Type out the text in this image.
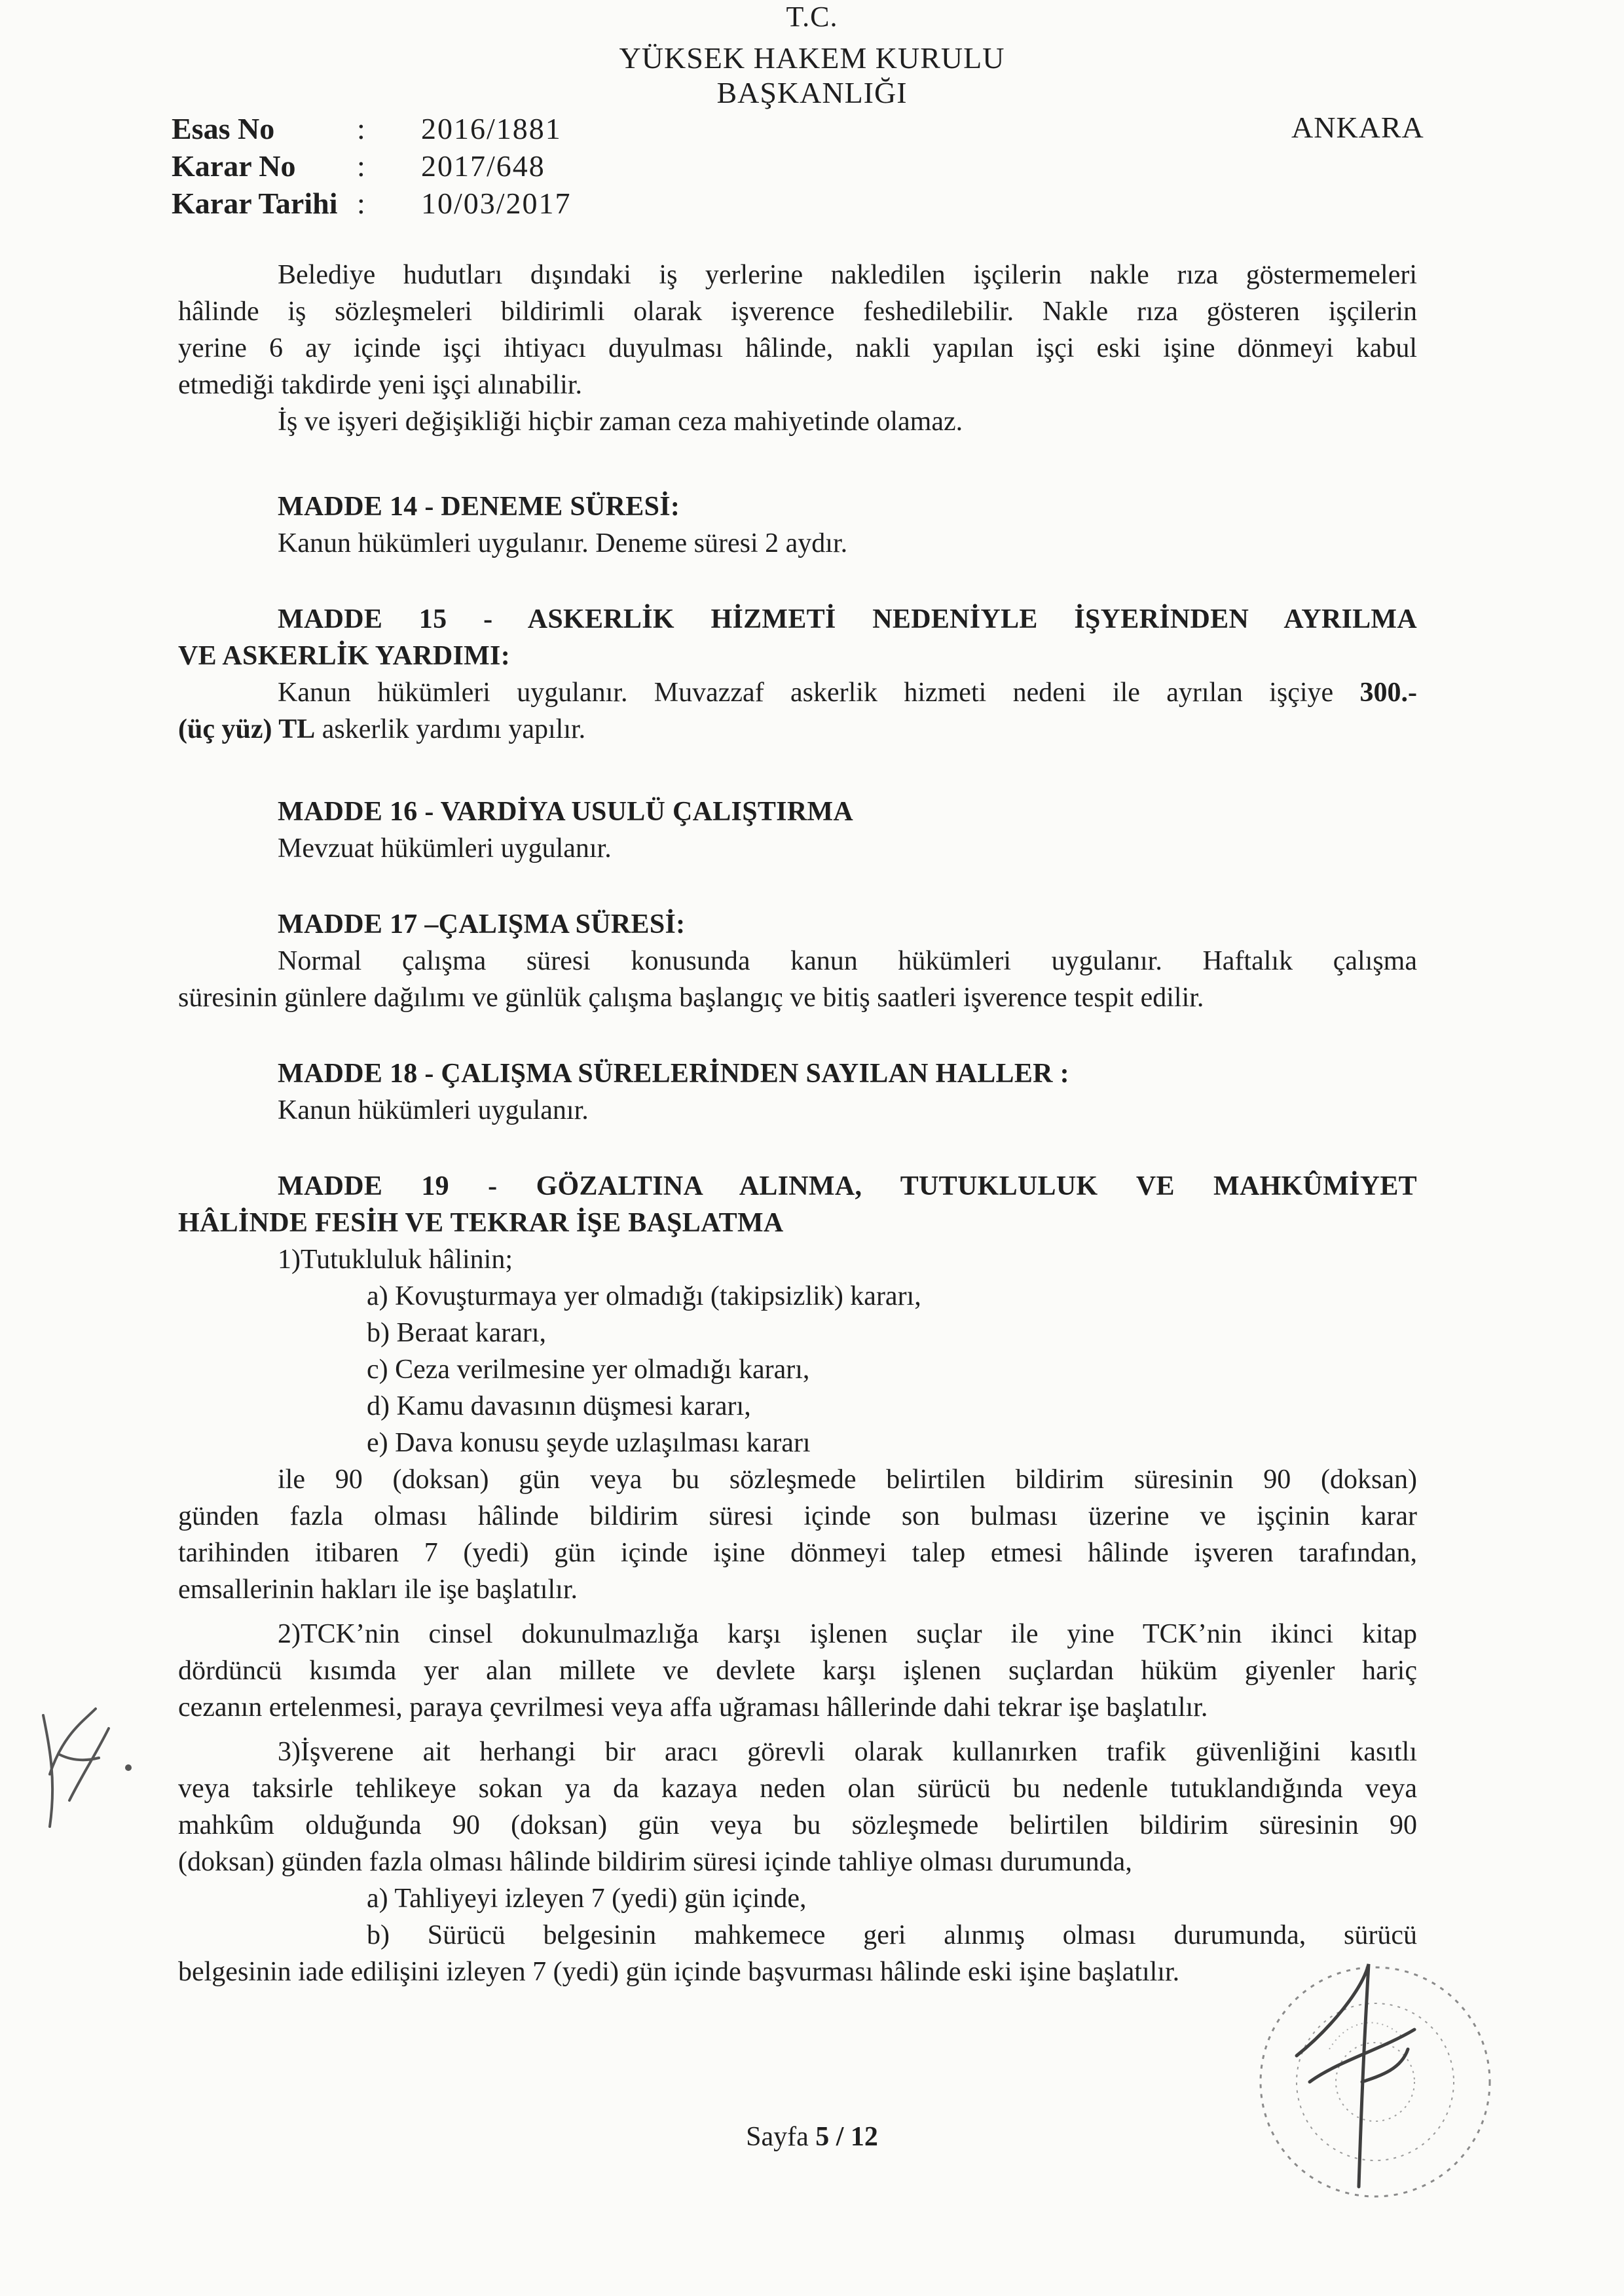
T.C.
YÜKSEK HAKEM KURULU
BAŞKANLIĞI
ANKARA
Esas No	:	2016/1881
Karar No	:	2017/648
Karar Tarihi :	10/03/2017
Belediye hudutları dışındaki iş yerlerine nakledilen işçilerin nakle rıza göstermemeleri
hâlinde iş sözleşmeleri bildirimli olarak işverence feshedilebilir. Nakle rıza gösteren işçilerin
yerine 6 ay içinde işçi ihtiyacı duyulması hâlinde, nakli yapılan işçi eski işine dönmeyi kabul
etmediği takdirde yeni işçi alınabilir.
İş ve işyeri değişikliği hiçbir zaman ceza mahiyetinde olamaz.
MADDE 14 - DENEME SÜRESİ:
Kanun hükümleri uygulanır. Deneme süresi 2 aydır.
MADDE 15 - ASKERLİK HİZMETİ NEDENİYLE İŞYERİNDEN AYRILMA
VE ASKERLİK YARDIMI:
Kanun hükümleri uygulanır. Muvazzaf askerlik hizmeti nedeni ile ayrılan işçiye 300.-
(üç yüz) TL askerlik yardımı yapılır.
MADDE 16 - VARDİYA USULÜ ÇALIŞTIRMA
Mevzuat hükümleri uygulanır.
MADDE 17 –ÇALIŞMA SÜRESİ:
Normal çalışma süresi konusunda kanun hükümleri uygulanır. Haftalık çalışma
süresinin günlere dağılımı ve günlük çalışma başlangıç ve bitiş saatleri işverence tespit edilir.
MADDE 18 - ÇALIŞMA SÜRELERİNDEN SAYILAN HALLER :
Kanun hükümleri uygulanır.
MADDE 19 - GÖZALTINA ALINMA, TUTUKLULUK VE MAHKÛMİYET
HÂLİNDE FESİH VE TEKRAR İŞE BAŞLATMA
1)Tutukluluk hâlinin;
a) Kovuşturmaya yer olmadığı (takipsizlik) kararı,
b) Beraat kararı,
c) Ceza verilmesine yer olmadığı kararı,
d) Kamu davasının düşmesi kararı,
e) Dava konusu şeyde uzlaşılması kararı
ile 90 (doksan) gün veya bu sözleşmede belirtilen bildirim süresinin 90 (doksan)
günden fazla olması hâlinde bildirim süresi içinde son bulması üzerine ve işçinin karar
tarihinden itibaren 7 (yedi) gün içinde işine dönmeyi talep etmesi hâlinde işveren tarafından,
emsallerinin hakları ile işe başlatılır.
2)TCK’nin cinsel dokunulmazlığa karşı işlenen suçlar ile yine TCK’nin ikinci kitap
dördüncü kısımda yer alan millete ve devlete karşı işlenen suçlardan hüküm giyenler hariç
cezanın ertelenmesi, paraya çevrilmesi veya affa uğraması hâllerinde dahi tekrar işe başlatılır.
3)İşverene ait herhangi bir aracı görevli olarak kullanırken trafik güvenliğini kasıtlı
veya taksirle tehlikeye sokan ya da kazaya neden olan sürücü bu nedenle tutuklandığında veya
mahkûm olduğunda 90 (doksan) gün veya bu sözleşmede belirtilen bildirim süresinin 90
(doksan) günden fazla olması hâlinde bildirim süresi içinde tahliye olması durumunda,
a) Tahliyeyi izleyen 7 (yedi) gün içinde,
b) Sürücü belgesinin mahkemece geri alınmış olması durumunda, sürücü
belgesinin iade edilişini izleyen 7 (yedi) gün içinde başvurması hâlinde eski işine başlatılır.
Sayfa 5 / 12
